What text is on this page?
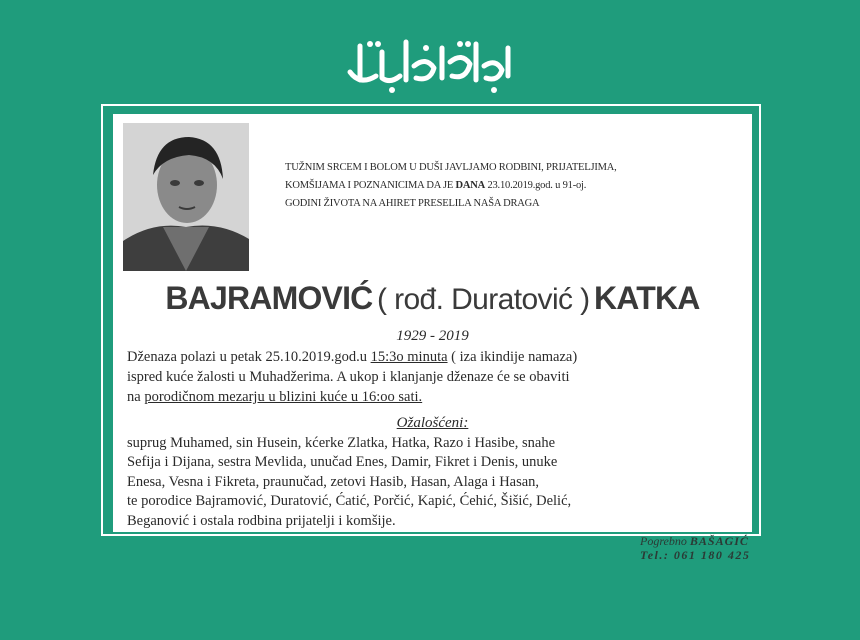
TUŽNIM SRCEM I BOLOM U DUŠI JAVLJAMO RODBINI, PRIJATELJIMA,

KOMŠIJAMA I POZNANICIMA DA JE DANA 23.10.2019.god. u 91-oj.

GODINI ŽIVOTA NA AHIRET PRESELILA NAŠA DRAGA

BAJRAMOVIĆ ( rođ. Duratović ) KATKA
1929 - 2019

Dženaza polazi u petak 25.10.2019.god.u 15:3o minuta ( iza ikindije namaza)

ispred kuće žalosti u Muhadžerima. A ukop i klanjanje dženaze će se obaviti

na porodičnom mezarju u blizini kuće u 16:oo sati.

Ožalošćeni:

suprug Muhamed, sin Husein, kćerke Zlatka, Hatka, Razo i Hasibe, snahe

Sefija i Dijana, sestra Mevlida, unučad Enes, Damir, Fikret i Denis, unuke

Enesa, Vesna i Fikreta, praunučad, zetovi Hasib, Hasan, Alaga i Hasan,

te porodice Bajramović, Duratović, Ćatić, Porčić, Kapić, Ćehić, Šišić, Delić,

Beganović i ostala rodbina prijatelji i komšije.

Pogrebno BAŠAGIĆ

Tel.: 061 180 425
